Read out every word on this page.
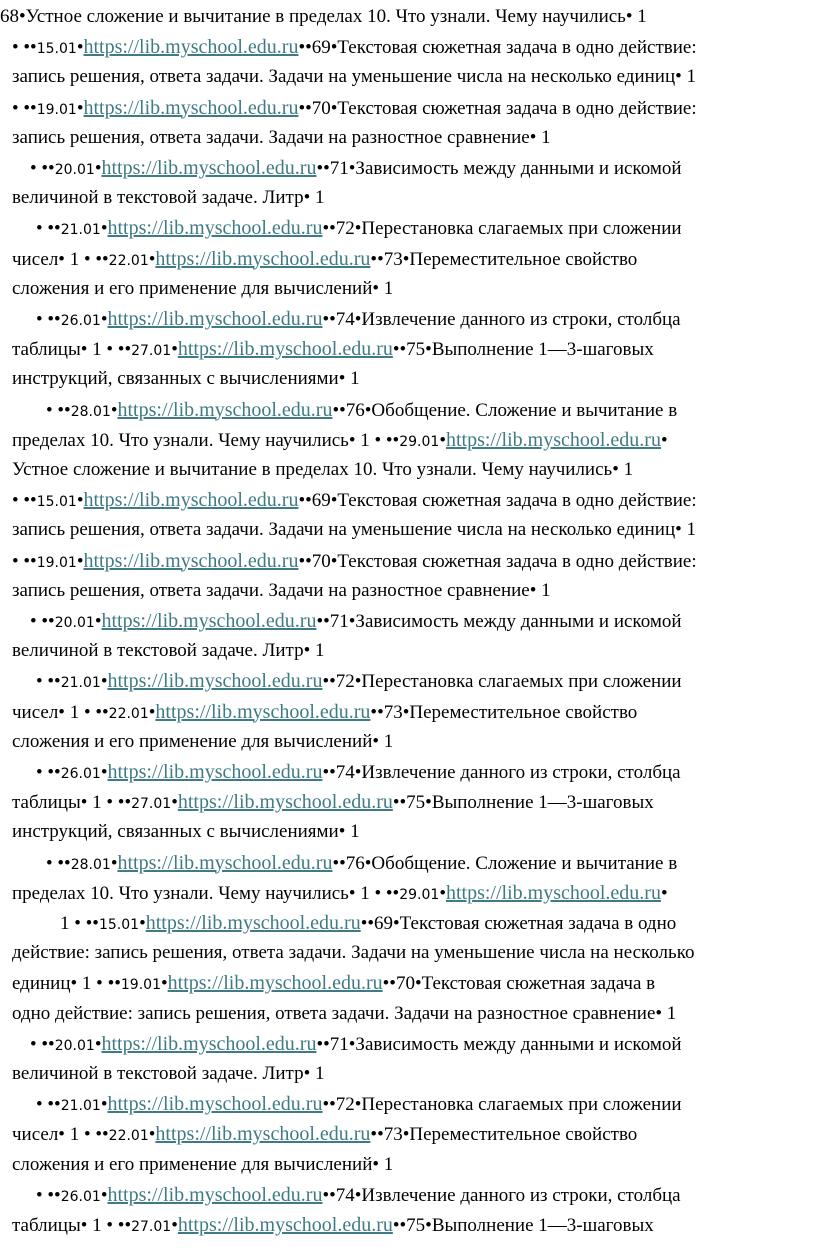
68•Устное сложение и вычитание в пределах 10. Что узнали. Чему научились• 1
• ••15.01•https://lib.myschool.edu.ru••69•Текстовая сюжетная задача в одно действие:
запись решения, ответа задачи. Задачи на уменьшение числа на несколько единиц• 1
• ••19.01•https://lib.myschool.edu.ru••70•Текстовая сюжетная задача в одно действие:
запись решения, ответа задачи. Задачи на разностное сравнение• 1
• ••20.01•https://lib.myschool.edu.ru••71•Зависимость между данными и искомой
величиной в текстовой задаче. Литр• 1
• ••21.01•https://lib.myschool.edu.ru••72•Перестановка слагаемых при сложении
чисел• 1 • ••22.01•https://lib.myschool.edu.ru••73•Переместительное свойство
сложения и его применение для вычислений• 1
• ••26.01•https://lib.myschool.edu.ru••74•Извлечение данного из строки, столбца
таблицы• 1 • ••27.01•https://lib.myschool.edu.ru••75•Выполнение 1—3-шаговых
инструкций, связанных с вычислениями• 1
• ••28.01•https://lib.myschool.edu.ru••76•Обобщение. Сложение и вычитание в
пределах 10. Что узнали. Чему научились• 1 • ••29.01•https://lib.myschool.edu.ru•
Устное сложение и вычитание в пределах 10. Что узнали. Чему научились• 1
• ••15.01•https://lib.myschool.edu.ru••69•Текстовая сюжетная задача в одно действие:
запись решения, ответа задачи. Задачи на уменьшение числа на несколько единиц• 1
• ••19.01•https://lib.myschool.edu.ru••70•Текстовая сюжетная задача в одно действие:
запись решения, ответа задачи. Задачи на разностное сравнение• 1
• ••20.01•https://lib.myschool.edu.ru••71•Зависимость между данными и искомой
величиной в текстовой задаче. Литр• 1
• ••21.01•https://lib.myschool.edu.ru••72•Перестановка слагаемых при сложении
чисел• 1 • ••22.01•https://lib.myschool.edu.ru••73•Переместительное свойство
сложения и его применение для вычислений• 1
• ••26.01•https://lib.myschool.edu.ru••74•Извлечение данного из строки, столбца
таблицы• 1 • ••27.01•https://lib.myschool.edu.ru••75•Выполнение 1—3-шаговых
инструкций, связанных с вычислениями• 1
• ••28.01•https://lib.myschool.edu.ru••76•Обобщение. Сложение и вычитание в
пределах 10. Что узнали. Чему научились• 1 • ••29.01•https://lib.myschool.edu.ru•
1 • ••15.01•https://lib.myschool.edu.ru••69•Текстовая сюжетная задача в одно
действие: запись решения, ответа задачи. Задачи на уменьшение числа на несколько
единиц• 1 • ••19.01•https://lib.myschool.edu.ru••70•Текстовая сюжетная задача в
одно действие: запись решения, ответа задачи. Задачи на разностное сравнение• 1
• ••20.01•https://lib.myschool.edu.ru••71•Зависимость между данными и искомой
величиной в текстовой задаче. Литр• 1
• ••21.01•https://lib.myschool.edu.ru••72•Перестановка слагаемых при сложении
чисел• 1 • ••22.01•https://lib.myschool.edu.ru••73•Переместительное свойство
сложения и его применение для вычислений• 1
• ••26.01•https://lib.myschool.edu.ru••74•Извлечение данного из строки, столбца
таблицы• 1 • ••27.01•https://lib.myschool.edu.ru••75•Выполнение 1—3-шаговых
